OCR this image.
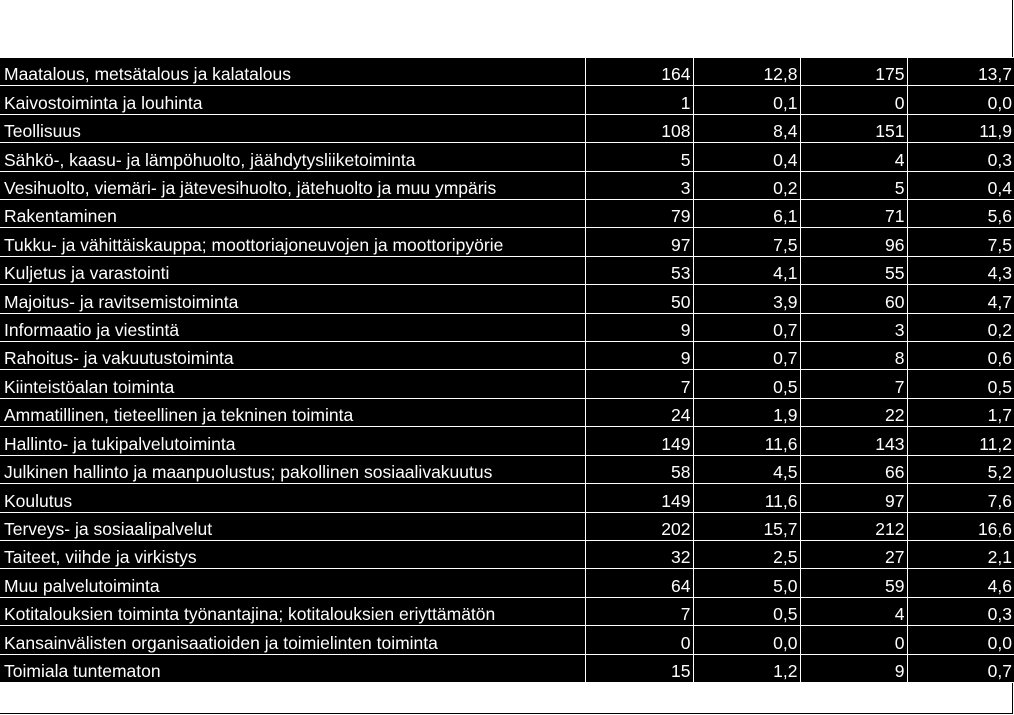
Maatalous, metsätalous ja kalatalous	164	12,8	175	13,7
Kaivostoiminta ja louhinta	1	0,1	0	0,0
Teollisuus	108	8,4	151	11,9
Sähkö-, kaasu- ja lämpöhuolto, jäähdytysliiketoiminta	5	0,4	4	0,3
Vesihuolto, viemäri- ja jätevesihuolto, jätehuolto ja muu ympäris	3	0,2	5	0,4
Rakentaminen	79	6,1	71	5,6
Tukku- ja vähittäiskauppa; moottoriajoneuvojen ja moottoripyörie	97	7,5	96	7,5
Kuljetus ja varastointi	53	4,1	55	4,3
Majoitus- ja ravitsemistoiminta	50	3,9	60	4,7
Informaatio ja viestintä	9	0,7	3	0,2
Rahoitus- ja vakuutustoiminta	9	0,7	8	0,6
Kiinteistöalan toiminta	7	0,5	7	0,5
Ammatillinen, tieteellinen ja tekninen toiminta	24	1,9	22	1,7
Hallinto- ja tukipalvelutoiminta	149	11,6	143	11,2
Julkinen hallinto ja maanpuolustus; pakollinen sosiaalivakuutus	58	4,5	66	5,2
Koulutus	149	11,6	97	7,6
Terveys- ja sosiaalipalvelut	202	15,7	212	16,6
Taiteet, viihde ja virkistys	32	2,5	27	2,1
Muu palvelutoiminta	64	5,0	59	4,6
Kotitalouksien toiminta työnantajina; kotitalouksien eriyttämätön	7	0,5	4	0,3
Kansainvälisten organisaatioiden ja toimielinten toiminta	0	0,0	0	0,0
Toimiala tuntematon	15	1,2	9	0,7
